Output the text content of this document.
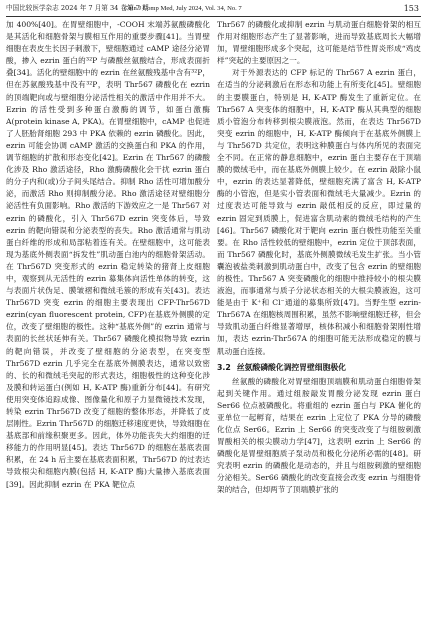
中国比较医学杂志 2024 年 7 月第 34 卷第 7 期
Chin J Comp Med, July 2024, Vol. 34, No. 7	153

加 400%[40]。在胃壁细胞中，-COOH 末端苏氨酸磷酸化是其活化和细胞骨架与膜相互作用的重要步骤[41]。当胃壁细胞在表皮生长因子刺激下，壁细胞通过 cAMP 途径分泌胃酸，掺入 ezrin 蛋白的³²P 与磷酸丝氨酸结合，形成表面折叠[34]。活化的壁细胞中的 ezrin 在丝氨酸残基中含有³²P，但在苏氨酸残基中没有³²P，表明 Thr567 磷酸化在 ezrin 的顶端靶向或与壁细胞分泌活性相关的激活中作用并不大。Ezrin 的活性受到多种蛋白激酶的调节，如蛋白激酶 A(protein kinase A, PKA)。在胃壁细胞中，cAMP 也促进了人胚胎肾细胞 293 中 PKA 依赖的 ezrin 磷酸化。因此，ezrin 可能会协调 cAMP 激活的交换蛋白和 PKA 的作用，调节细胞的扩散和形态变化[42]。Ezrin 在 Thr567 的磷酸化涉及 Rho 激活途径，Rho 激酶磷酸化会干扰 ezrin 蛋白的分子内和(或)分子间头尾结合。抑制 Rho 活性可增加酸分泌，而激活 Rho 则抑制酸分泌。Rho 激活途径对壁细胞分泌活性有负面影响。Rho 激活的下游效应之一是 Thr567 对 ezrin 的磷酸化，引入 Thr567D ezrin 突变体后，导致 ezrin 的靶向错误和分泌表型的丧失。Rho 激活通常与肌动蛋白纤维的形成和局部粘着连有关。在壁细胞中，这可能表现为基底外侧表面“拆发性”肌动蛋白池内的细胞骨架活动。在 Thr567D 突变形式的 ezrin 稳定转染的猪肾上皮细胞中，观察到从无活性的 ezrin 募集体向活性单体的转变，这与表面片状伪足、膜皱褶和微绒毛簇的形成有关[43]。表达 Thr567D 突变 ezrin 的细胞主要表现出 CFP-Thr567D ezrin(cyan fluorescent protein, CFP)在基底外侧膜的定位，改变了壁细胞的极性。这种“基底外侧”的 ezrin 通常与表面的长丝状延伸有关。Thr567 磷酸化模拟物导致 ezrin 的靶向错误，并改变了壁细胞的分泌表型，在突变型 Thr567D ezrin 几乎完全在基底外侧膜表达，通常以致密的、长的和微绒毛突起的形式表达，细胞极性的这种变化涉及膜和转运蛋白(例如 H, K-ATP 酶)重新分布[44]。有研究使用突变体追踪成像、图像量化和原子力显微镜技术发现，转染 ezrin Thr567D 改变了细胞的整体形态，并降低了皮层刚性。Ezrin Thr567D 的细胞迁移速度更快，导致细胞在基底部和前缘积聚更多。因此，体外功能丧失大约细胞的迁移能力的作用明显[45]。表达 Thr567D 的细胞在基底表面积累，在 24 h 后主要在基底表面积累，Thr567D 的过表达导致根尖和细胞内膜(包括 H, K-ATP 酶)大量掺入基底表面[39]。因此抑制 ezrin 在 PKA 靶位点

Thr567 的磷酸化或抑制 ezrin 与肌动蛋白细胞骨架的相互作用对细胞形态产生了显著影响，进而导致基底周长大幅增加，胃壁细胞形成多个突起，这可能是结节性胃炎形成“鸡皮样”突起的主要原因之一。

对于外源表达的 CFP 标记的 Thr567 A ezrin 蛋白，在适当的分泌刺激后在形态和功能上有所变化[45]。壁细胞的主要膜蛋白，特别是 H, K-ATP 酶发生了重新定位。在 Thr567 A 突变体的细胞中，H, K-ATP 酶从其典型的细胞质小管泡分布转移到根尖膜液泡。然而，在表达 Thr567D 突变 ezrin 的细胞中，H, K-ATP 酶倾向于在基底外侧膜上与 Thr567D 共定位，表明这种膜蛋白与体内所见的表面完全不同。在正常的静息细胞中，ezrin 蛋白主要存在于顶端膜的微绒毛中，而在基底外侧膜上较少。在 ezrin 敲除小鼠中，ezrin 的表达显著降低，壁细胞充满了富含 H, K-ATP 酶的小管泡，但是实小管表面和微绒毛大量减少。Ezrin 的过度表达可能导致与 ezrin 敲低相反的反应，即过量的 ezrin 固定到质膜上，促进富含肌动素的微绒毛结构的产生[46]。Thr567 磷酸化对于靶向 ezrin 蛋白极性功能至关重要。在 Rho 活性较低的壁细胞中，ezrin 定位于顶部表面，而 Thr567 磷酸化时，基底外侧膜微绒毛发生扩张。当小管囊泡被盐类刺激到肌动蛋白中，改变了包含 ezrin 的壁细胞的极性。Thr567 A 突变磷酸化的细胞中推持较小的根尖膜液泡，而事通常与质子分泌状态相关的大根尖膜液泡，这可能是由于 K⁺和 Cl⁻通道的募集所致[47]。当野生型 ezrin-Thr567A 在细胞核周围积累，虽然不影响壁细胞迁移，但会导致肌动蛋白纤维显著增厚，核体积减小和细胞骨架刚性增加，表达 ezrin-Thr567A 的细胞可能无法形成稳定的膜与肌动蛋白连接。

3.2 丝氨酸磷酸化调控胃壁细胞极化

丝氨酸的磷酸化对胃壁细胞顶端膜和肌动蛋白细胞骨架起到关键作用。通过组胺敲发胃酸分泌发现 ezrin 蛋白 Ser66 位点被磷酸化。将重组的 ezrin 蛋白与 PKA 催化的亚单位一起孵育，结果在 ezrin 上定位了 PKA 分导的磷酸化位点 Ser66。Ezrin 上 Ser66 的突变改变了与组胺刺激胃酸相关的根尖膜动力学[47]，这表明 ezrin 上 Ser66 的磷酸化是胃壁细胞质子泵动员和极化分泌所必需的[48]。研究表明 ezrin 的磷酸化是动态的，并且与组胺刺激的壁细胞分泌相关。Ser66 磷酸化的改变直接会改变 ezrin 与细胞骨架的结合，但却两节了顶端膜扩张的
